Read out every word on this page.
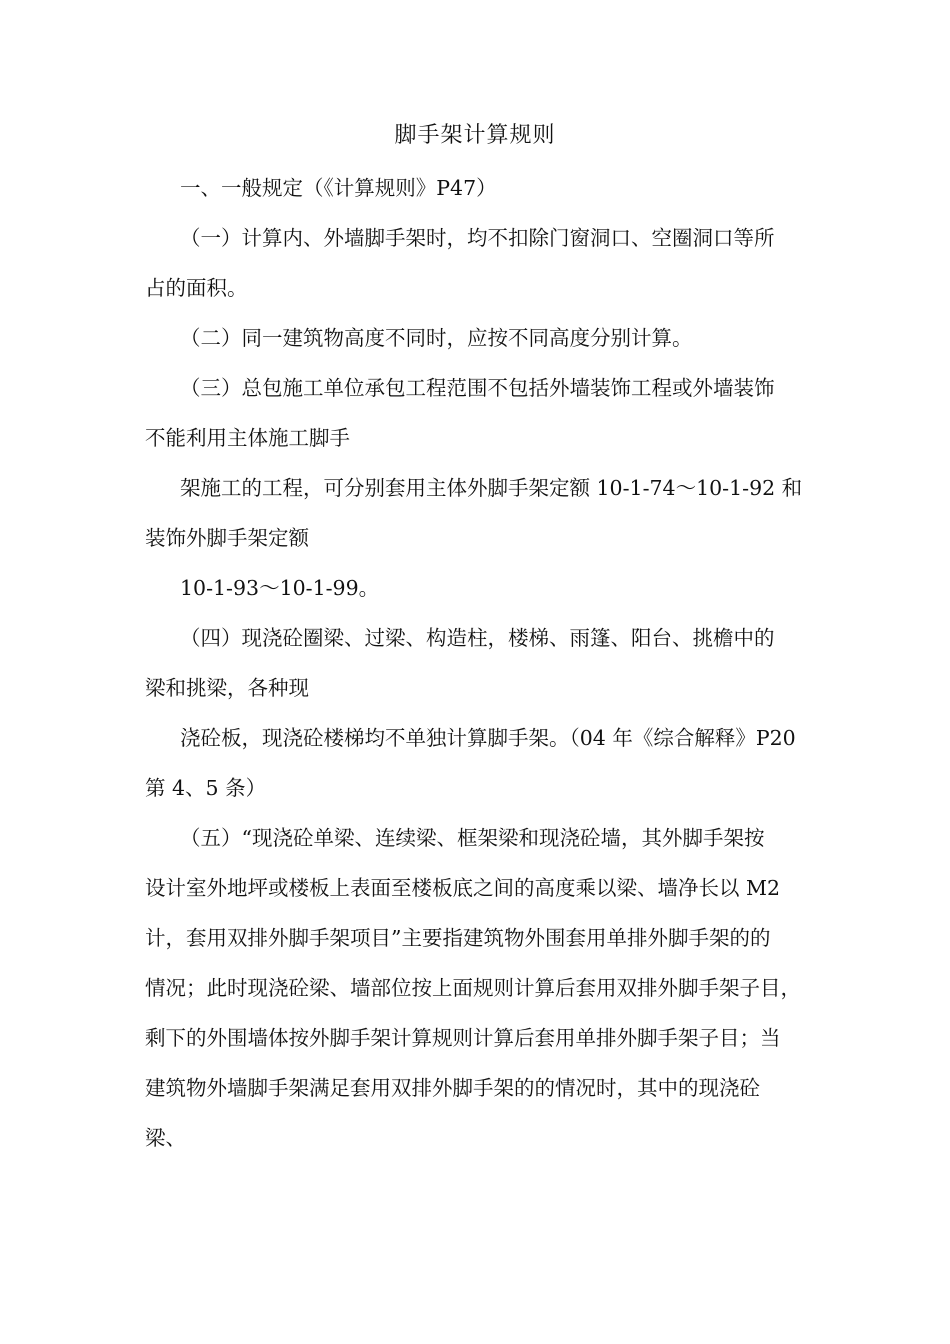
脚手架计算规则
一、一般规定（《计算规则》P47）
（一）计算内、外墙脚手架时，均不扣除门窗洞口、空圈洞口等所
占的面积。
（二）同一建筑物高度不同时，应按不同高度分别计算。
（三）总包施工单位承包工程范围不包括外墙装饰工程或外墙装饰
不能利用主体施工脚手
架施工的工程，可分别套用主体外脚手架定额 10-1-74～10-1-92 和
装饰外脚手架定额
10-1-93～10-1-99。
（四）现浇砼圈梁、过梁、构造柱，楼梯、雨篷、阳台、挑檐中的
梁和挑梁，各种现
浇砼板，现浇砼楼梯均不单独计算脚手架。（04 年《综合解释》P20
第 4、5 条）
（五）“现浇砼单梁、连续梁、框架梁和现浇砼墙，其外脚手架按
设计室外地坪或楼板上表面至楼板底之间的高度乘以梁、墙净长以 M2
计，套用双排外脚手架项目”主要指建筑物外围套用单排外脚手架的的
情况；此时现浇砼梁、墙部位按上面规则计算后套用双排外脚手架子目，
剩下的外围墙体按外脚手架计算规则计算后套用单排外脚手架子目；当
建筑物外墙脚手架满足套用双排外脚手架的的情况时，其中的现浇砼
梁、
